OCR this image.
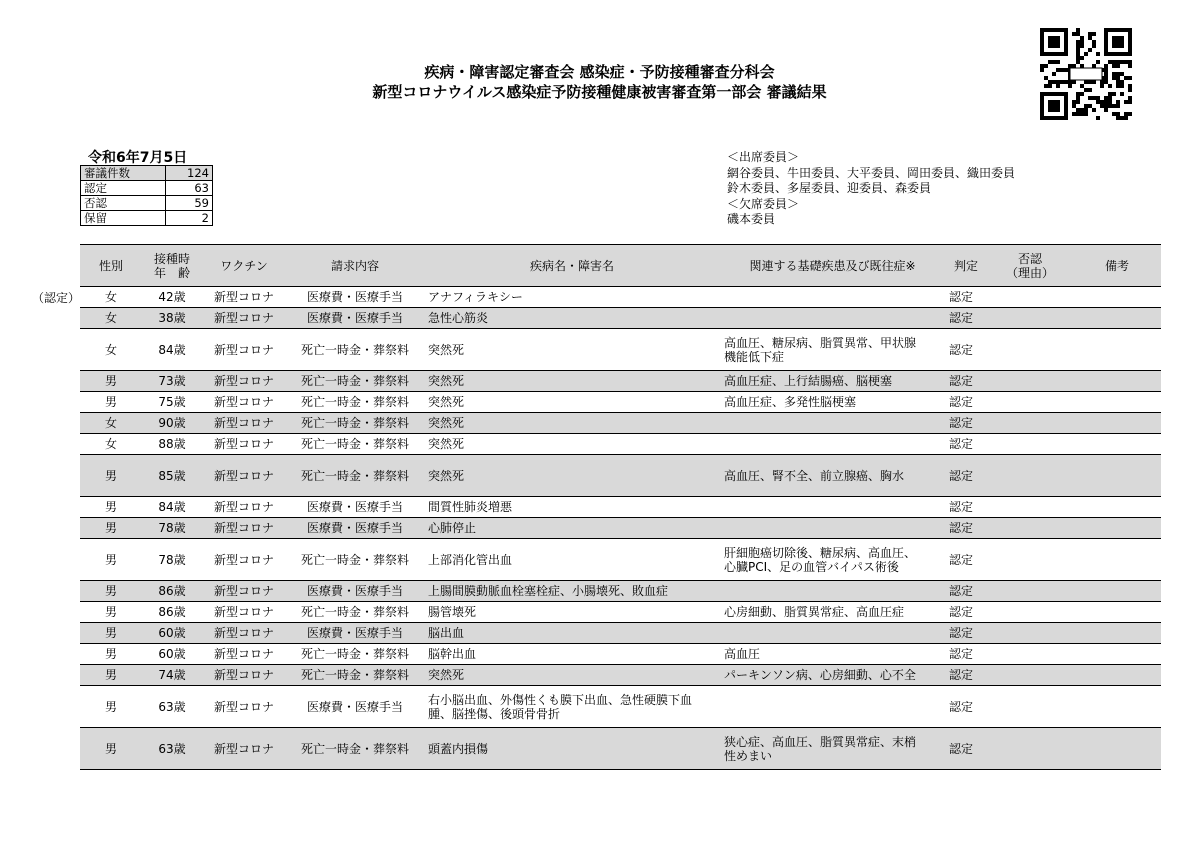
疾病・障害認定審査会 感染症・予防接種審査分科会
新型コロナウイルス感染症予防接種健康被害審査第一部会 審議結果
令和6年7月5日
審議件数	124
認定	63
否認	59
保留	2
＜出席委員＞
網谷委員、牛田委員、大平委員、岡田委員、織田委員
鈴木委員、多屋委員、迎委員、森委員
＜欠席委員＞
磯本委員
（認定）
性別	接種時
年　齢	ワクチン	請求内容	疾病名・障害名	関連する基礎疾患及び既往症※	判定	否認
（理由）	備考
女	42歳	新型コロナ	医療費・医療手当	アナフィラキシー		認定		
女	38歳	新型コロナ	医療費・医療手当	急性心筋炎		認定		
女	84歳	新型コロナ	死亡一時金・葬祭料	突然死	高血圧、糖尿病、脂質異常、甲状腺
機能低下症	認定		
男	73歳	新型コロナ	死亡一時金・葬祭料	突然死	高血圧症、上行結腸癌、脳梗塞	認定		
男	75歳	新型コロナ	死亡一時金・葬祭料	突然死	高血圧症、多発性脳梗塞	認定		
女	90歳	新型コロナ	死亡一時金・葬祭料	突然死		認定		
女	88歳	新型コロナ	死亡一時金・葬祭料	突然死		認定		
男	85歳	新型コロナ	死亡一時金・葬祭料	突然死	高血圧、腎不全、前立腺癌、胸水	認定		
男	84歳	新型コロナ	医療費・医療手当	間質性肺炎増悪		認定		
男	78歳	新型コロナ	医療費・医療手当	心肺停止		認定		
男	78歳	新型コロナ	死亡一時金・葬祭料	上部消化管出血	肝細胞癌切除後、糖尿病、高血圧、
心臓PCI、足の血管バイパス術後	認定		
男	86歳	新型コロナ	医療費・医療手当	上腸間膜動脈血栓塞栓症、小腸壊死、敗血症		認定		
男	86歳	新型コロナ	死亡一時金・葬祭料	腸管壊死	心房細動、脂質異常症、高血圧症	認定		
男	60歳	新型コロナ	医療費・医療手当	脳出血		認定		
男	60歳	新型コロナ	死亡一時金・葬祭料	脳幹出血	高血圧	認定		
男	74歳	新型コロナ	死亡一時金・葬祭料	突然死	パーキンソン病、心房細動、心不全	認定		
男	63歳	新型コロナ	医療費・医療手当	右小脳出血、外傷性くも膜下出血、急性硬膜下血
腫、脳挫傷、後頭骨骨折		認定		
男	63歳	新型コロナ	死亡一時金・葬祭料	頭蓋内損傷	狭心症、高血圧、脂質異常症、末梢
性めまい	認定		
